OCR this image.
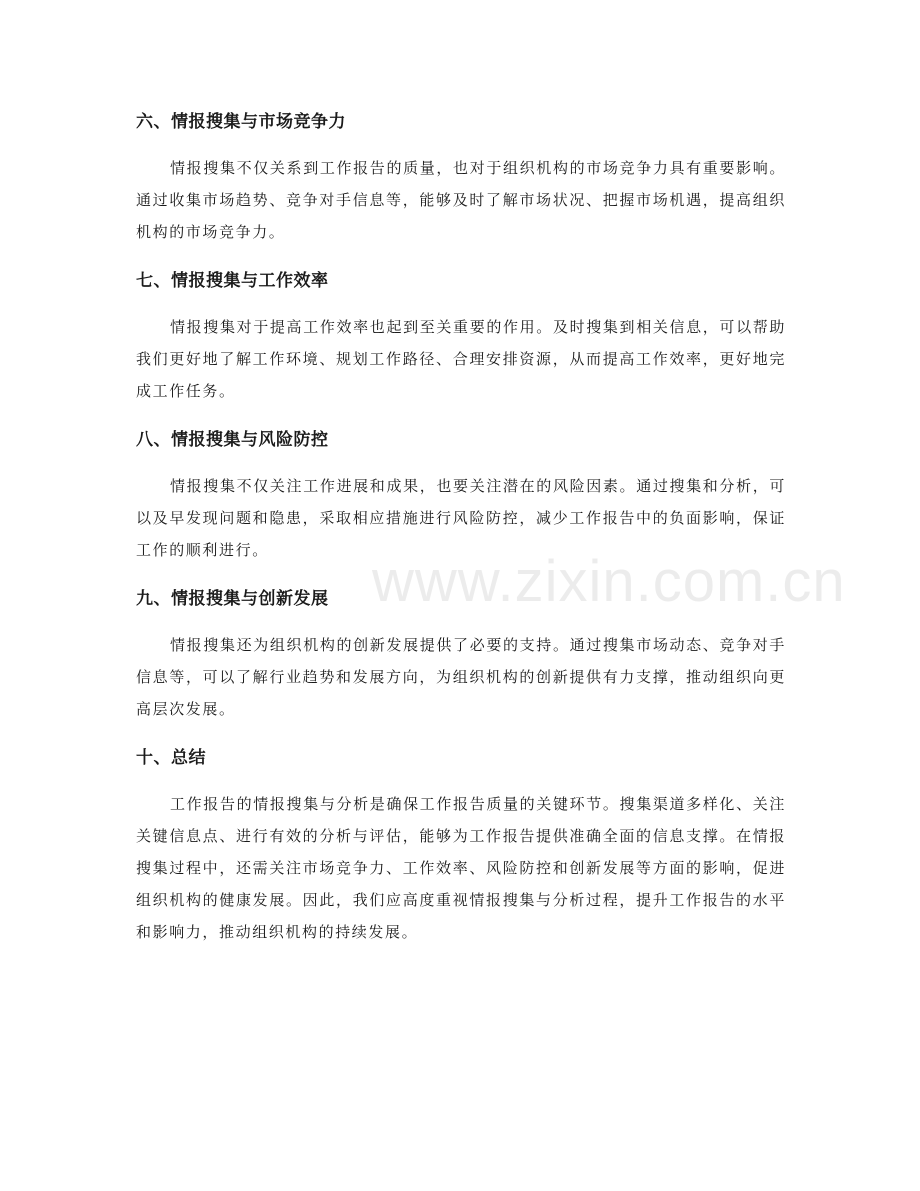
六、情报搜集与市场竞争力

情报搜集不仅关系到工作报告的质量，也对于组织机构的市场竞争力具有重要影响。通过收集市场趋势、竞争对手信息等，能够及时了解市场状况、把握市场机遇，提高组织机构的市场竞争力。

七、情报搜集与工作效率

情报搜集对于提高工作效率也起到至关重要的作用。及时搜集到相关信息，可以帮助我们更好地了解工作环境、规划工作路径、合理安排资源，从而提高工作效率，更好地完成工作任务。

八、情报搜集与风险防控

情报搜集不仅关注工作进展和成果，也要关注潜在的风险因素。通过搜集和分析，可以及早发现问题和隐患，采取相应措施进行风险防控，减少工作报告中的负面影响，保证工作的顺利进行。

九、情报搜集与创新发展

情报搜集还为组织机构的创新发展提供了必要的支持。通过搜集市场动态、竞争对手信息等，可以了解行业趋势和发展方向，为组织机构的创新提供有力支撑，推动组织向更高层次发展。

十、总结

工作报告的情报搜集与分析是确保工作报告质量的关键环节。搜集渠道多样化、关注关键信息点、进行有效的分析与评估，能够为工作报告提供准确全面的信息支撑。在情报搜集过程中，还需关注市场竞争力、工作效率、风险防控和创新发展等方面的影响，促进组织机构的健康发展。因此，我们应高度重视情报搜集与分析过程，提升工作报告的水平和影响力，推动组织机构的持续发展。

www.zixin.com.cn
